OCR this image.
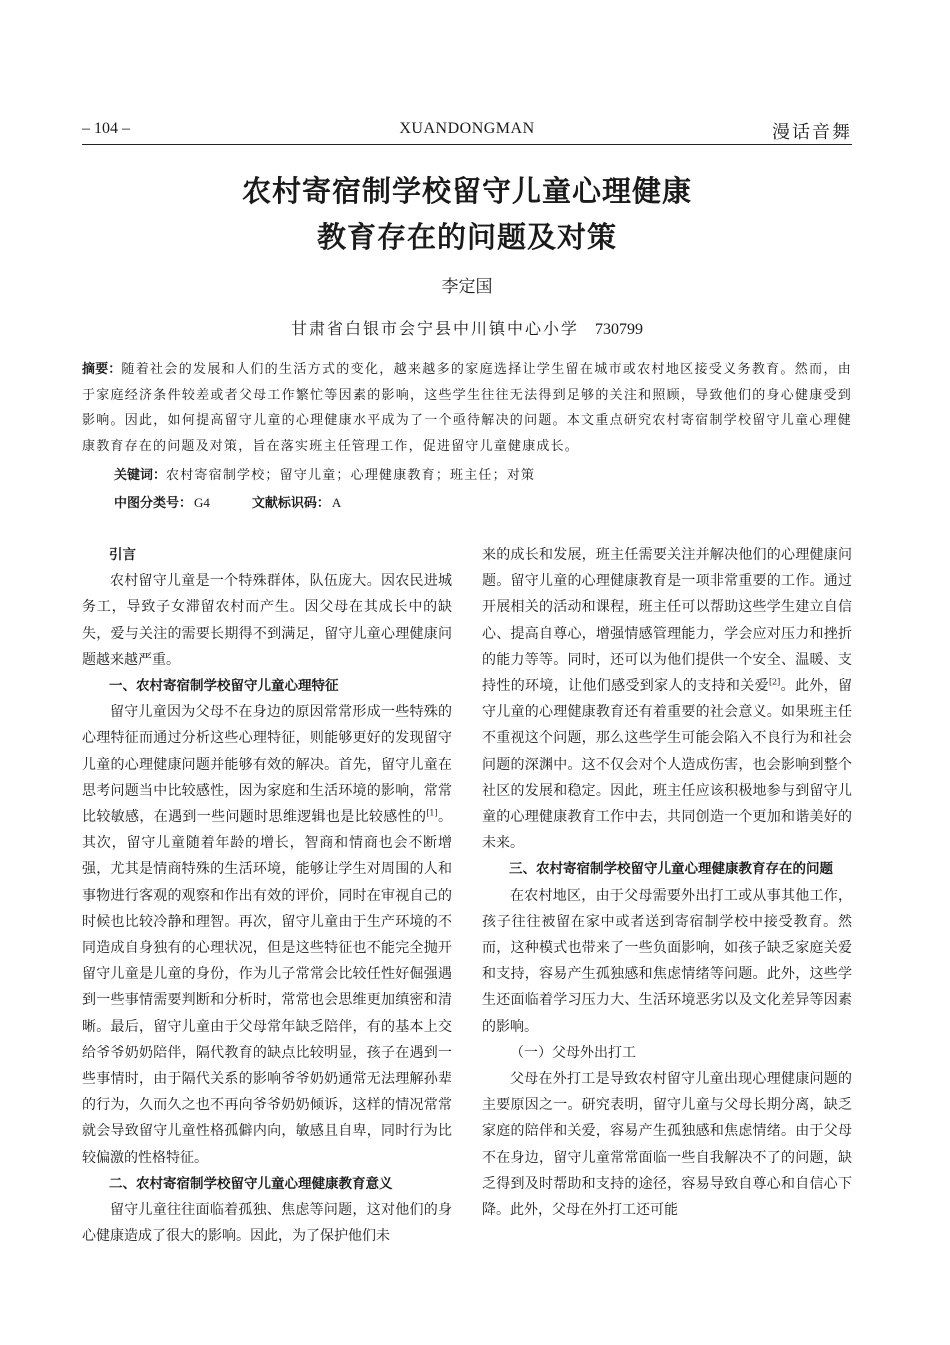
– 104 –	XUANDONGMAN	漫话音舞
农村寄宿制学校留守儿童心理健康
教育存在的问题及对策
李定国
甘肃省白银市会宁县中川镇中心小学 730799
摘要：随着社会的发展和人们的生活方式的变化，越来越多的家庭选择让学生留在城市或农村地区接受义务教育。然而，由于家庭经济条件较差或者父母工作繁忙等因素的影响，这些学生往往无法得到足够的关注和照顾，导致他们的身心健康受到影响。因此，如何提高留守儿童的心理健康水平成为了一个亟待解决的问题。本文重点研究农村寄宿制学校留守儿童心理健康教育存在的问题及对策，旨在落实班主任管理工作，促进留守儿童健康成长。
关键词：农村寄宿制学校；留守儿童；心理健康教育；班主任；对策
中图分类号： G4	文献标识码： A
引言

农村留守儿童是一个特殊群体，队伍庞大。因农民进城务工，导致子女滞留农村而产生。因父母在其成长中的缺失，爱与关注的需要长期得不到满足，留守儿童心理健康问题越来越严重。

一、农村寄宿制学校留守儿童心理特征

留守儿童因为父母不在身边的原因常常形成一些特殊的心理特征而通过分析这些心理特征，则能够更好的发现留守儿童的心理健康问题并能够有效的解决。首先，留守儿童在思考问题当中比较感性，因为家庭和生活环境的影响，常常比较敏感，在遇到一些问题时思维逻辑也是比较感性的[1]。其次，留守儿童随着年龄的增长，智商和情商也会不断增强，尤其是情商特殊的生活环境，能够让学生对周围的人和事物进行客观的观察和作出有效的评价，同时在审视自己的时候也比较冷静和理智。再次，留守儿童由于生产环境的不同造成自身独有的心理状况，但是这些特征也不能完全抛开留守儿童是儿童的身份，作为儿子常常会比较任性好倔强遇到一些事情需要判断和分析时，常常也会思维更加缜密和清晰。最后，留守儿童由于父母常年缺乏陪伴，有的基本上交给爷爷奶奶陪伴，隔代教育的缺点比较明显，孩子在遇到一些事情时，由于隔代关系的影响爷爷奶奶通常无法理解孙辈的行为，久而久之也不再向爷爷奶奶倾诉，这样的情况常常就会导致留守儿童性格孤僻内向，敏感且自卑，同时行为比较偏激的性格特征。

二、农村寄宿制学校留守儿童心理健康教育意义

留守儿童往往面临着孤独、焦虑等问题，这对他们的身心健康造成了很大的影响。因此，为了保护他们未

来的成长和发展，班主任需要关注并解决他们的心理健康问题。留守儿童的心理健康教育是一项非常重要的工作。通过开展相关的活动和课程，班主任可以帮助这些学生建立自信心、提高自尊心，增强情感管理能力，学会应对压力和挫折的能力等等。同时，还可以为他们提供一个安全、温暖、支持性的环境，让他们感受到家人的支持和关爱[2]。此外，留守儿童的心理健康教育还有着重要的社会意义。如果班主任不重视这个问题，那么这些学生可能会陷入不良行为和社会问题的深渊中。这不仅会对个人造成伤害，也会影响到整个社区的发展和稳定。因此，班主任应该积极地参与到留守儿童的心理健康教育工作中去，共同创造一个更加和谐美好的未来。

三、农村寄宿制学校留守儿童心理健康教育存在的问题

在农村地区，由于父母需要外出打工或从事其他工作，孩子往往被留在家中或者送到寄宿制学校中接受教育。然而，这种模式也带来了一些负面影响，如孩子缺乏家庭关爱和支持，容易产生孤独感和焦虑情绪等问题。此外，这些学生还面临着学习压力大、生活环境恶劣以及文化差异等因素的影响。

（一）父母外出打工

父母在外打工是导致农村留守儿童出现心理健康问题的主要原因之一。研究表明，留守儿童与父母长期分离，缺乏家庭的陪伴和关爱，容易产生孤独感和焦虑情绪。由于父母不在身边，留守儿童常常面临一些自我解决不了的问题，缺乏得到及时帮助和支持的途径，容易导致自尊心和自信心下降。此外，父母在外打工还可能
